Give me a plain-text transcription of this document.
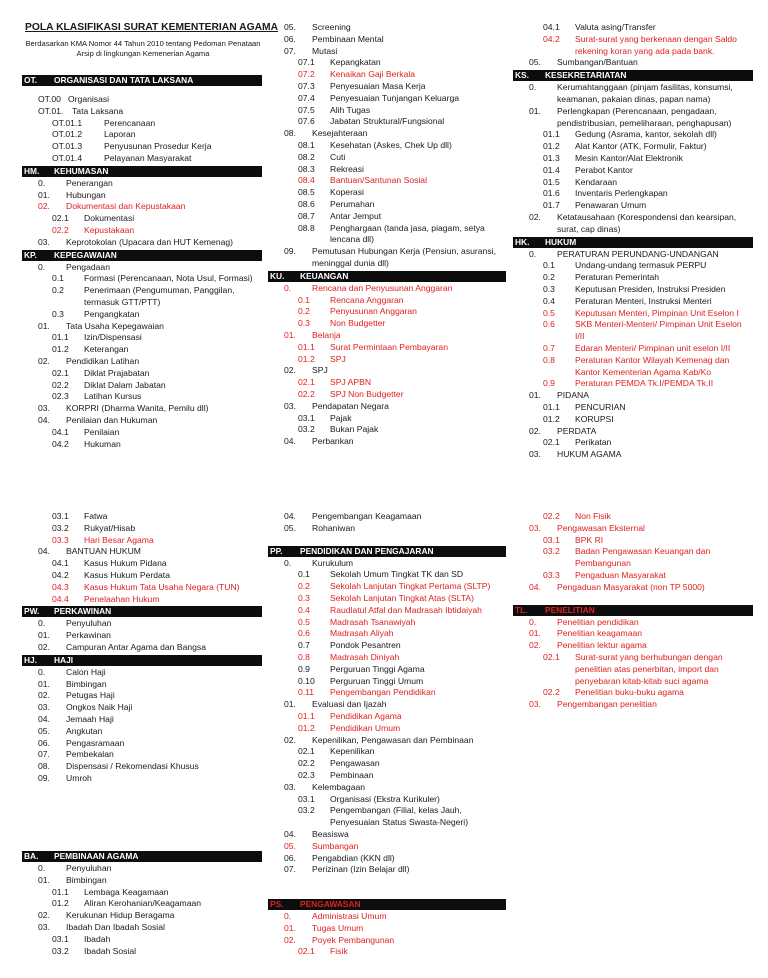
POLA KLASIFIKASI SURAT KEMENTERIAN AGAMA
Berdasarkan KMA Nomor 44 Tahun 2010 tentang Pedoman Penataan Arsip di lingkungan Kemenerian Agama
OT. ORGANISASI DAN TATA LAKSANA
OT.00 Organisasi
OT.01.	Tata Laksana
OT.01.1	Perencanaan
OT.01.2	Laporan
OT.01.3	Penyusunan Prosedur Kerja
OT.01.4	Pelayanan Masyarakat
HM. KEHUMASAN
0.	Penerangan
01.	Hubungan
02.	Dokumentasi dan Kepustakaan
02.1	Dokumentasi
02.2	Kepustakaan
03.	Keprotokolan (Upacara dan HUT Kemenag)
KP. KEPEGAWAIAN
0.	Pengadaan
0.1	Formasi (Perencanaan, Nota Usul, Formasi)
0.2	Penerimaan (Pengumuman, Panggilan, termasuk GTT/PTT)
0.3	Pengangkatan
01.	Tata Usaha Kepegawaian
01.1	Izin/Dispensasi
01.2	Keterangan
02.	Pendidikan Latihan
02.1	Diklat Prajabatan
02.2	Diklat Dalam Jabatan
02.3	Latihan Kursus
03.	KORPRI (Dharma Wanita, Pemilu dll)
04.	Penilaian dan Hukuman
04.1	Penilaian
04.2	Hukuman
05.	Screening
06.	Pembinaan Mental
07.	Mutasi
07.1	Kepangkatan
07.2	Kenaikan Gaji Berkala
07.3	Penyesuaian Masa Kerja
07.4	Penyesuaian Tunjangan Keluarga
07.5	Alih Tugas
07.6	Jabatan Struktural/Fungsional
08.	Kesejahteraan
08.1	Kesehatan (Askes, Chek Up dll)
08.2	Cuti
08.3	Rekreasi
08.4	Bantuan/Santunan Sosial
08.5	Koperasi
08.6	Perumahan
08.7	Antar Jemput
08.8	Penghargaan (tanda jasa, piagam, setya lencana dll)
09.	Pemutusan Hubungan Kerja (Pensiun, asuransi, meninggal dunia dll)
KU. KEUANGAN
0.	Rencana dan Penyusunan Anggaran
0.1	Rencana Anggaran
0.2	Penyusunan Anggaran
0.3	Non Budgetter
01.	Belanja
01.1	Surat Permintaan Pembayaran
01.2	SPJ
02.	SPJ
02.1	SPJ APBN
02.2	SPJ Non Budgetter
03.	Pendapatan Negara
03.1	Pajak
03.2	Bukan Pajak
04.	Perbankan
04.1	Valuta asing/Transfer
04.2	Surat-surat yang berkenaan dengan Saldo rekening koran yang ada pada bank.
05.	Sumbangan/Bantuan
KS. KESEKRETARIATAN
0.	Kerumahtanggaan (pinjam fasilitas, konsumsi, keamanan, pakaian dinas, papan nama)
01.	Perlengkapan (Perencanaan, pengadaan, pendistribusian, pemeliharaan, penghapusan)
01.1	Gedung (Asrama, kantor, sekolah dll)
01.2	Alat Kantor (ATK, Formulir, Faktur)
01.3	Mesin Kantor/Alat Elektronik
01.4	Perabot Kantor
01.5	Kendaraan
01.6	Inventaris Perlengkapan
01.7	Penawaran Umum
02.	Ketatausahaan (Korespondensi dan kearsipan, surat, cap dinas)
HK. HUKUM
0.	PERATURAN PERUNDANG-UNDANGAN
0.1	Undang-undang termasuk PERPU
0.2	Peraturan Pemerintah
0.3	Keputusan Presiden, Instruksi Presiden
0.4	Peraturan Menteri, Instruksi Menteri
0.5	Keputusan Menteri, Pimpinan Unit Eselon I
0.6	SKB Menteri-Menteri/ Pimpinan Unit Eselon I/II
0.7	Edaran Menteri/ Pimpinan unit eselon I/II
0.8	Peraturan Kantor Wilayah Kemenag dan Kantor Kementerian Agama Kab/Ko
0.9	Peraturan PEMDA Tk.I/PEMDA Tk.II
01.	PIDANA
01.1	PENCURIAN
01.2	KORUPSI
02.	PERDATA
02.1	Perikatan
03.	HUKUM AGAMA
03.1	Fatwa
03.2	Rukyat/Hisab
03.3	Hari Besar Agama
04.	BANTUAN HUKUM
04.1	Kasus Hukum Pidana
04.2	Kasus Hukum Perdata
04.3	Kasus Hukum Tata Usaha Negara (TUN)
04.4	Penelaahan Hukum
PW. PERKAWINAN
0.	Penyuluhan
01.	Perkawinan
02.	Campuran Antar Agama dan Bangsa
HJ. HAJI
0.	Calon Haji
01.	Bimbingan
02.	Petugas Haji
03.	Ongkos Naik Haji
04.	Jemaah Haji
05.	Angkutan
06.	Pengasramaan
07.	Pembekalan
08.	Dispensasi / Rekomendasi Khusus
09.	Umroh
BA. PEMBINAAN AGAMA
0.	Penyuluhan
01.	Bimbingan
01.1	Lembaga Keagamaan
01.2	Aliran Kerohanian/Keagamaan
02.	Kerukunan Hidup Beragama
03.	Ibadah Dan Ibadah Sosial
03.1	Ibadah
03.2	Ibadah Sosial
04.	Pengembangan Keagamaan
05.	Rohaniwan
PP. PENDIDIKAN DAN PENGAJARAN
0.	Kurukulum
0.1	Sekolah Umum Tingkat TK dan SD
0.2	Sekolah Lanjutan Tingkat Pertama (SLTP)
0.3	Sekolah Lanjutan Tingkat Atas (SLTA)
0.4	Raudlatul Atfal dan Madrasah Ibtidaiyah
0.5	Madrasah Tsanawiyah
0.6	Madrasah Aliyah
0.7	Pondok Pesantren
0.8	Madrasah Diniyah
0.9	Perguruan Tinggi Agama
0.10	Perguruan Tinggi Umum
0.11	Pengembangan Pendidikan
01.	Evaluasi dan Ijazah
01.1	Pendidikan Agama
01.2	Pendidikan Umum
02.	Kepenilikan, Pengawasan dan Pembinaan
02.1	Kepenilikan
02.2	Pengawasan
02.3	Pembinaan
03.	Kelembagaan
03.1	Organisasi (Ekstra Kurikuler)
03.2	Pengembangan (Filial, kelas Jauh, Penyesuaian Status Swasta-Negeri)
04.	Beasiswa
05.	Sumbangan
06.	Pengabdian (KKN dll)
07.	Perizinan (Izin Belajar dll)
PS. PENGAWASAN
0.	Administrasi Umum
01.	Tugas Umum
02.	Poyek Pembangunan
02.1	Fisik
02.2	Non Fisik
03.	Pengawasan Eksternal
03.1	BPK RI
03.2	Badan Pengawasan Keuangan dan Pembangunan
03.3	Pengaduan Masyarakat
04.	Pengaduan Masyarakat (non TP 5000)
TL. PENELITIAN
0.	Penelitian pendidikan
01.	Penelitian keagamaan
02.	Penelitian lektur agama
02.1	Surat-surat yang berhubungan dengan penelitian atas penerbitan, import dan penyebaran kitab-kitab suci agama
02.2	Penelitian buku-buku agama
03.	Pengembangan penelitian
